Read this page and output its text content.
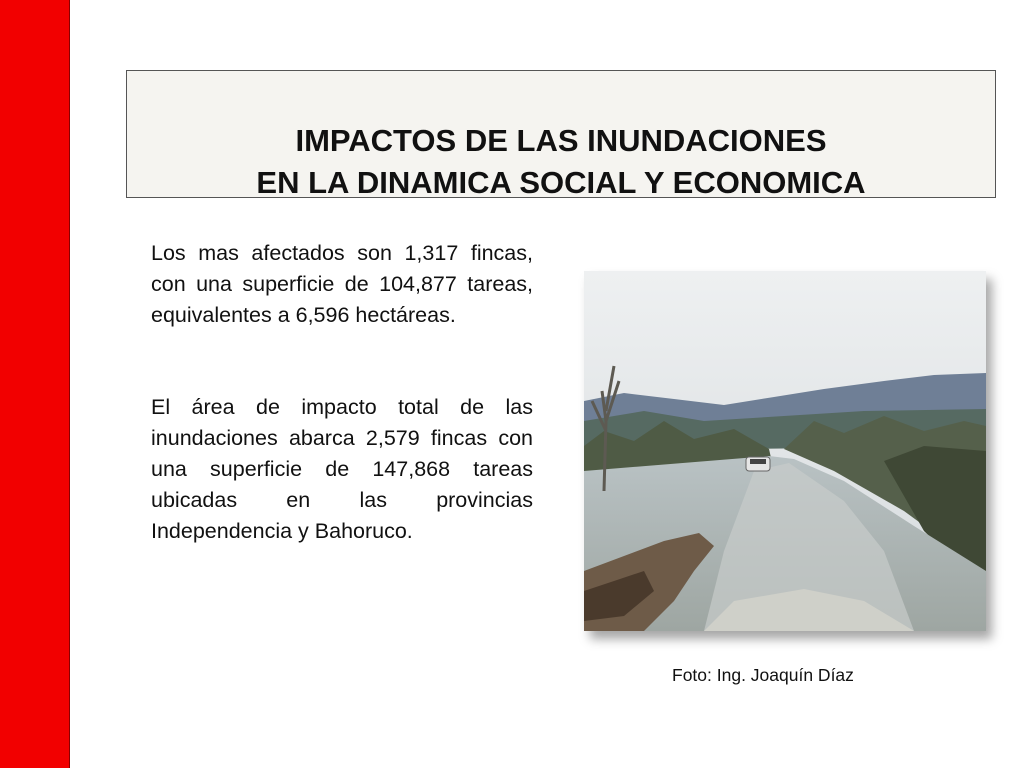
IMPACTOS DE LAS INUNDACIONES
EN LA DINAMICA SOCIAL Y ECONOMICA
Los mas afectados son 1,317 fincas, con una superficie de 104,877 tareas, equivalentes a 6,596 hectáreas.
El área de impacto total de las inundaciones abarca 2,579 fincas con una superficie de 147,868 tareas ubicadas en las provincias Independencia y Bahoruco.
Foto: Ing. Joaquín Díaz
